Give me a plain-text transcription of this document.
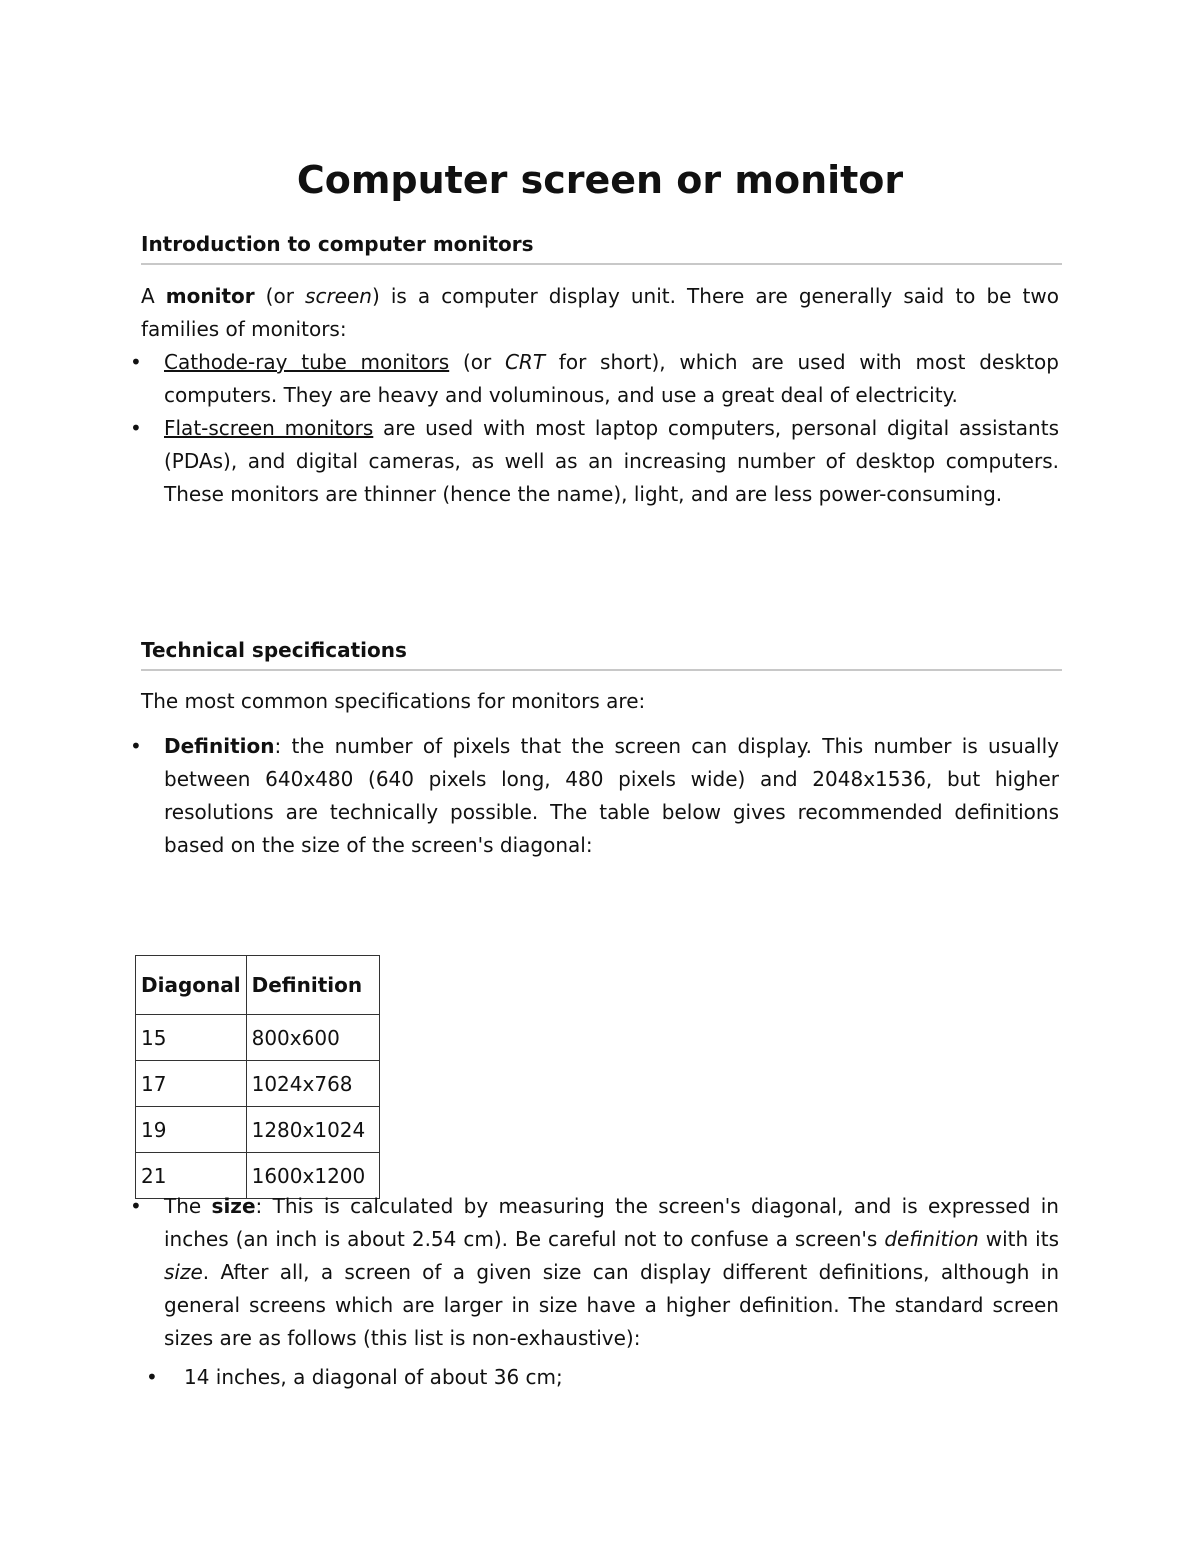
Computer screen or monitor
Introduction to computer monitors

A monitor (or screen) is a computer display unit. There are generally said to be two families of monitors:

• Cathode-ray tube monitors (or CRT for short), which are used with most desktop computers. They are heavy and voluminous, and use a great deal of electricity.
• Flat-screen monitors are used with most laptop computers, personal digital assistants (PDAs), and digital cameras, as well as an increasing number of desktop computers. These monitors are thinner (hence the name), light, and are less power-consuming.
Technical specifications

The most common specifications for monitors are:

• Definition: the number of pixels that the screen can display. This number is usually between 640x480 (640 pixels long, 480 pixels wide) and 2048x1536, but higher resolutions are technically possible. The table below gives recommended definitions based on the size of the screen's diagonal:
Diagonal	Definition
15	800x600
17	1024x768
19	1280x1024
21	1600x1200
• The size: This is calculated by measuring the screen's diagonal, and is expressed in inches (an inch is about 2.54 cm). Be careful not to confuse a screen's definition with its size. After all, a screen of a given size can display different definitions, although in general screens which are larger in size have a higher definition. The standard screen sizes are as follows (this list is non-exhaustive):
• 14 inches, a diagonal of about 36 cm;
